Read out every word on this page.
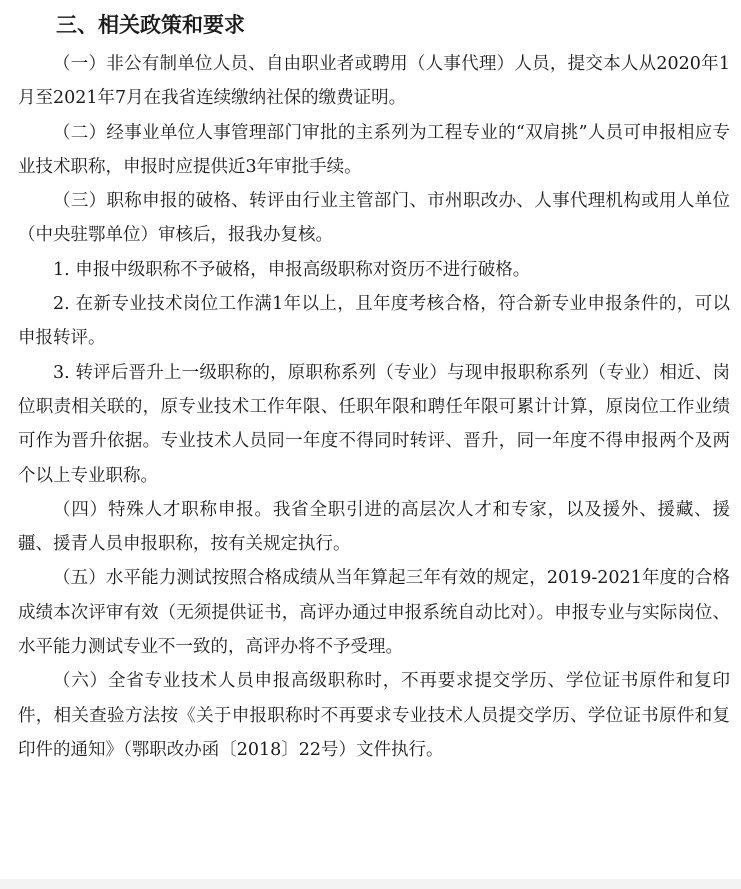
三、相关政策和要求

（一）非公有制单位人员、自由职业者或聘用（人事代理）人员，提交本人从2020年1月至2021年7月在我省连续缴纳社保的缴费证明。

（二）经事业单位人事管理部门审批的主系列为工程专业的“双肩挑”人员可申报相应专业技术职称，申报时应提供近3年审批手续。

（三）职称申报的破格、转评由行业主管部门、市州职改办、人事代理机构或用人单位（中央驻鄂单位）审核后，报我办复核。

1. 申报中级职称不予破格，申报高级职称对资历不进行破格。

2. 在新专业技术岗位工作满1年以上，且年度考核合格，符合新专业申报条件的，可以申报转评。

3. 转评后晋升上一级职称的，原职称系列（专业）与现申报职称系列（专业）相近、岗位职责相关联的，原专业技术工作年限、任职年限和聘任年限可累计计算，原岗位工作业绩可作为晋升依据。专业技术人员同一年度不得同时转评、晋升，同一年度不得申报两个及两个以上专业职称。

（四）特殊人才职称申报。我省全职引进的高层次人才和专家，以及援外、援藏、援疆、援青人员申报职称，按有关规定执行。

（五）水平能力测试按照合格成绩从当年算起三年有效的规定，2019-2021年度的合格成绩本次评审有效（无须提供证书，高评办通过申报系统自动比对）。申报专业与实际岗位、水平能力测试专业不一致的，高评办将不予受理。

（六）全省专业技术人员申报高级职称时，不再要求提交学历、学位证书原件和复印件，相关查验方法按《关于申报职称时不再要求专业技术人员提交学历、学位证书原件和复印件的通知》（鄂职改办函〔2018〕22号）文件执行。
